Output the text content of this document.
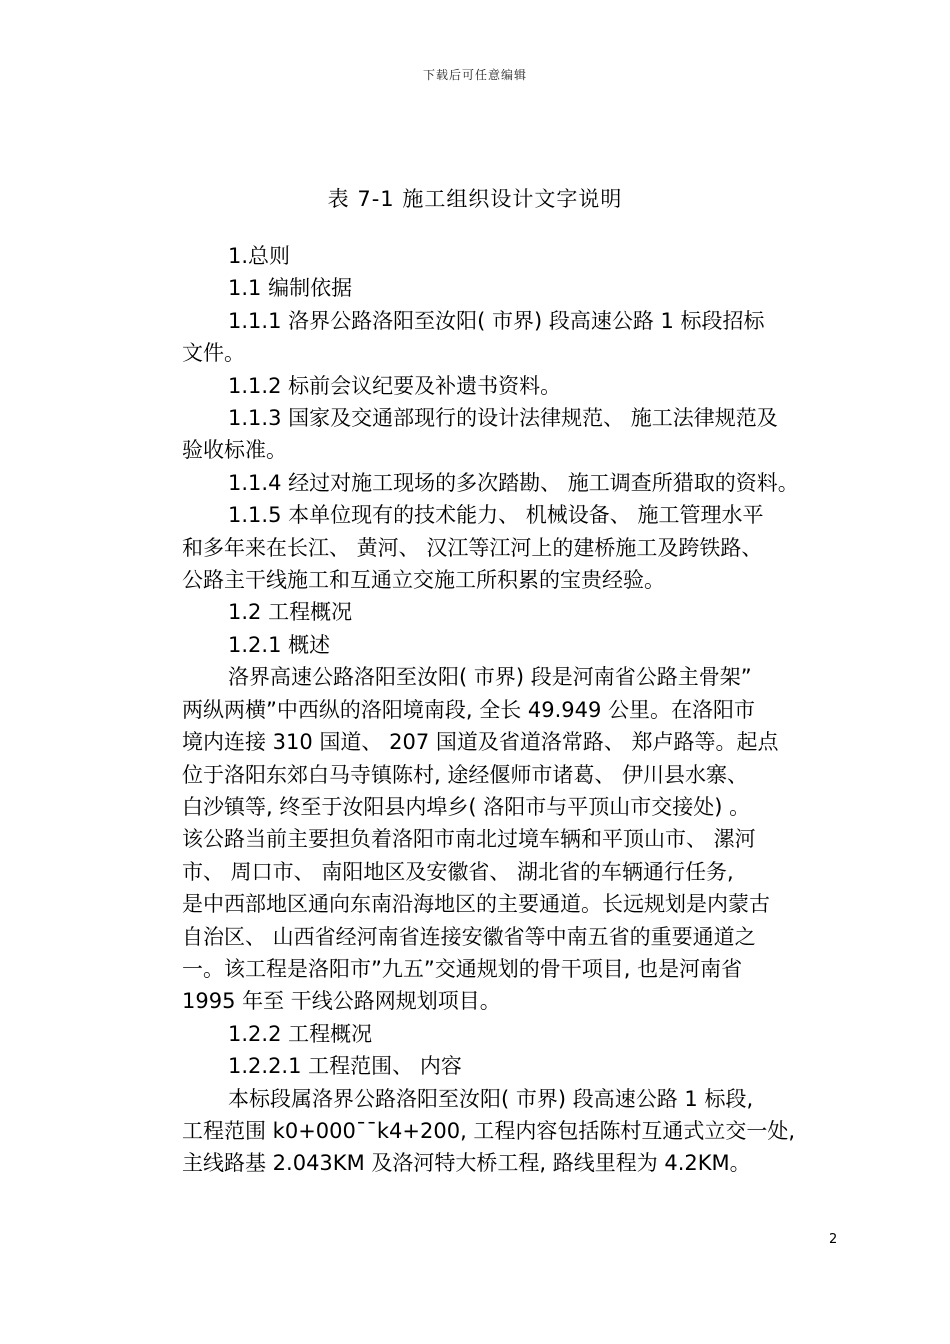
下载后可任意编辑
表 7-1 施工组织设计文字说明

1.总则

1.1 编制依据

1.1.1 洛界公路洛阳至汝阳( 市界) 段高速公路 1 标段招标

文件。

1.1.2 标前会议纪要及补遗书资料。

1.1.3 国家及交通部现行的设计法律规范、 施工法律规范及

验收标准。

1.1.4 经过对施工现场的多次踏勘、 施工调查所猎取的资料。

1.1.5 本单位现有的技术能力、 机械设备、 施工管理水平

和多年来在长江、 黄河、 汉江等江河上的建桥施工及跨铁路、

公路主干线施工和互通立交施工所积累的宝贵经验。

1.2 工程概况

1.2.1 概述

洛界高速公路洛阳至汝阳( 市界) 段是河南省公路主骨架”

两纵两横”中西纵的洛阳境南段, 全长 49.949 公里。在洛阳市

境内连接 310 国道、 207 国道及省道洛常路、 郑卢路等。起点

位于洛阳东郊白马寺镇陈村, 途经偃师市诸葛、 伊川县水寨、

白沙镇等, 终至于汝阳县内埠乡( 洛阳市与平顶山市交接处) 。

该公路当前主要担负着洛阳市南北过境车辆和平顶山市、 漯河

市、 周口市、 南阳地区及安徽省、 湖北省的车辆通行任务,

是中西部地区通向东南沿海地区的主要通道。长远规划是内蒙古

自治区、 山西省经河南省连接安徽省等中南五省的重要通道之

一。该工程是洛阳市”九五”交通规划的骨干项目, 也是河南省

1995 年至 干线公路网规划项目。

1.2.2 工程概况

1.2.2.1 工程范围、 内容

本标段属洛界公路洛阳至汝阳( 市界) 段高速公路 1 标段,

工程范围 k0+000¯¯k4+200, 工程内容包括陈村互通式立交一处,

主线路基 2.043KM 及洛河特大桥工程, 路线里程为 4.2KM。

2
